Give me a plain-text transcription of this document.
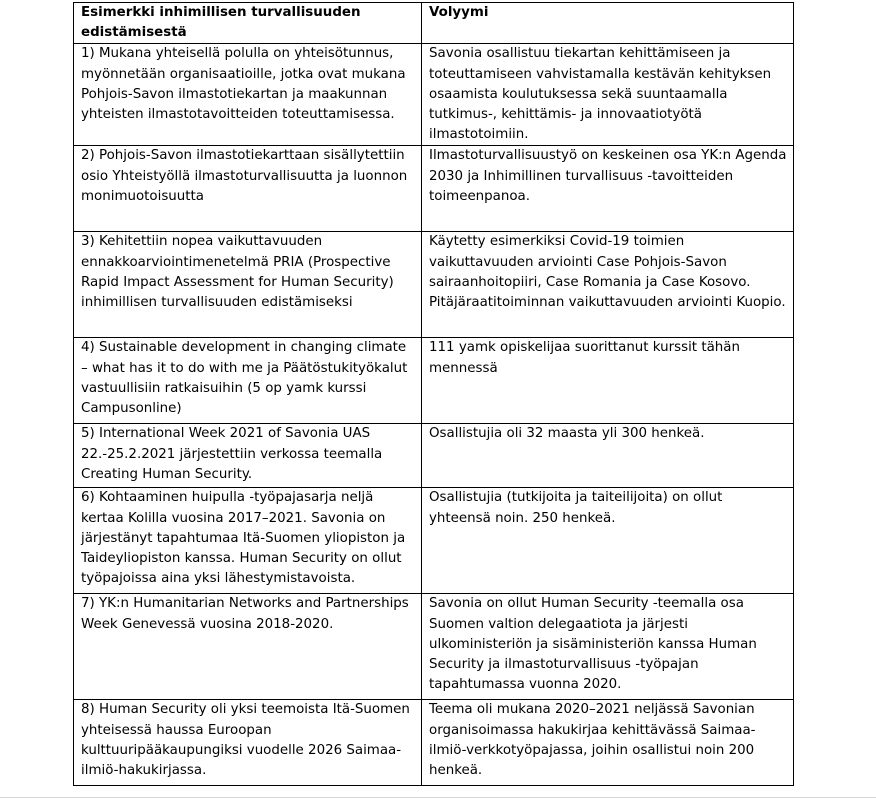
Esimerkki inhimillisen turvallisuuden edistämisestä	Volyymi
1) Mukana yhteisellä polulla on yhteisötunnus, myönnetään organisaatioille, jotka ovat mukana Pohjois-Savon ilmastotiekartan ja maakunnan yhteisten ilmastotavoitteiden toteuttamisessa.	Savonia osallistuu tiekartan kehittämiseen ja toteuttamiseen vahvistamalla kestävän kehityksen osaamista koulutuksessa sekä suuntaamalla tutkimus-, kehittämis- ja innovaatiotyötä ilmastotoimiin.
2) Pohjois-Savon ilmastotiekarttaan sisällytettiin osio Yhteistyöllä ilmastoturvallisuutta ja luonnon monimuotoisuutta	Ilmastoturvallisuustyö on keskeinen osa YK:n Agenda 2030 ja Inhimillinen turvallisuus -tavoitteiden toimeenpanoa.
3) Kehitettiin nopea vaikuttavuuden ennakkoarviointimenetelmä PRIA (Prospective Rapid Impact Assessment for Human Security) inhimillisen turvallisuuden edistämiseksi	Käytetty esimerkiksi Covid-19 toimien vaikuttavuuden arviointi Case Pohjois-Savon sairaanhoitopiiri, Case Romania ja Case Kosovo. Pitäjäraatitoiminnan vaikuttavuuden arviointi Kuopio.
4) Sustainable development in changing climate – what has it to do with me ja Päätöstukityökalut vastuullisiin ratkaisuihin (5 op yamk kurssi Campusonline)	111 yamk opiskelijaa suorittanut kurssit tähän mennessä
5) International Week 2021 of Savonia UAS 22.-25.2.2021 järjestettiin verkossa teemalla Creating Human Security.	Osallistujia oli 32 maasta yli 300 henkeä.
6) Kohtaaminen huipulla -työpajasarja neljä kertaa Kolilla vuosina 2017–2021. Savonia on järjestänyt tapahtumaa Itä-Suomen yliopiston ja Taideyliopiston kanssa. Human Security on ollut työpajoissa aina yksi lähestymistavoista.	Osallistujia (tutkijoita ja taiteilijoita) on ollut yhteensä noin. 250 henkeä.
7) YK:n Humanitarian Networks and Partnerships Week Genevessä vuosina 2018-2020.	Savonia on ollut Human Security -teemalla osa Suomen valtion delegaatiota ja järjesti ulkoministeriön ja sisäministeriön kanssa Human Security ja ilmastoturvallisuus -työpajan tapahtumassa vuonna 2020.
8) Human Security oli yksi teemoista Itä-Suomen yhteisessä haussa Euroopan kulttuuripääkaupungiksi vuodelle 2026 Saimaa-ilmiö-hakukirjassa.	Teema oli mukana 2020–2021 neljässä Savonian organisoimassa hakukirjaa kehittävässä Saimaa-ilmiö-verkkotyöpajassa, joihin osallistui noin 200 henkeä.
